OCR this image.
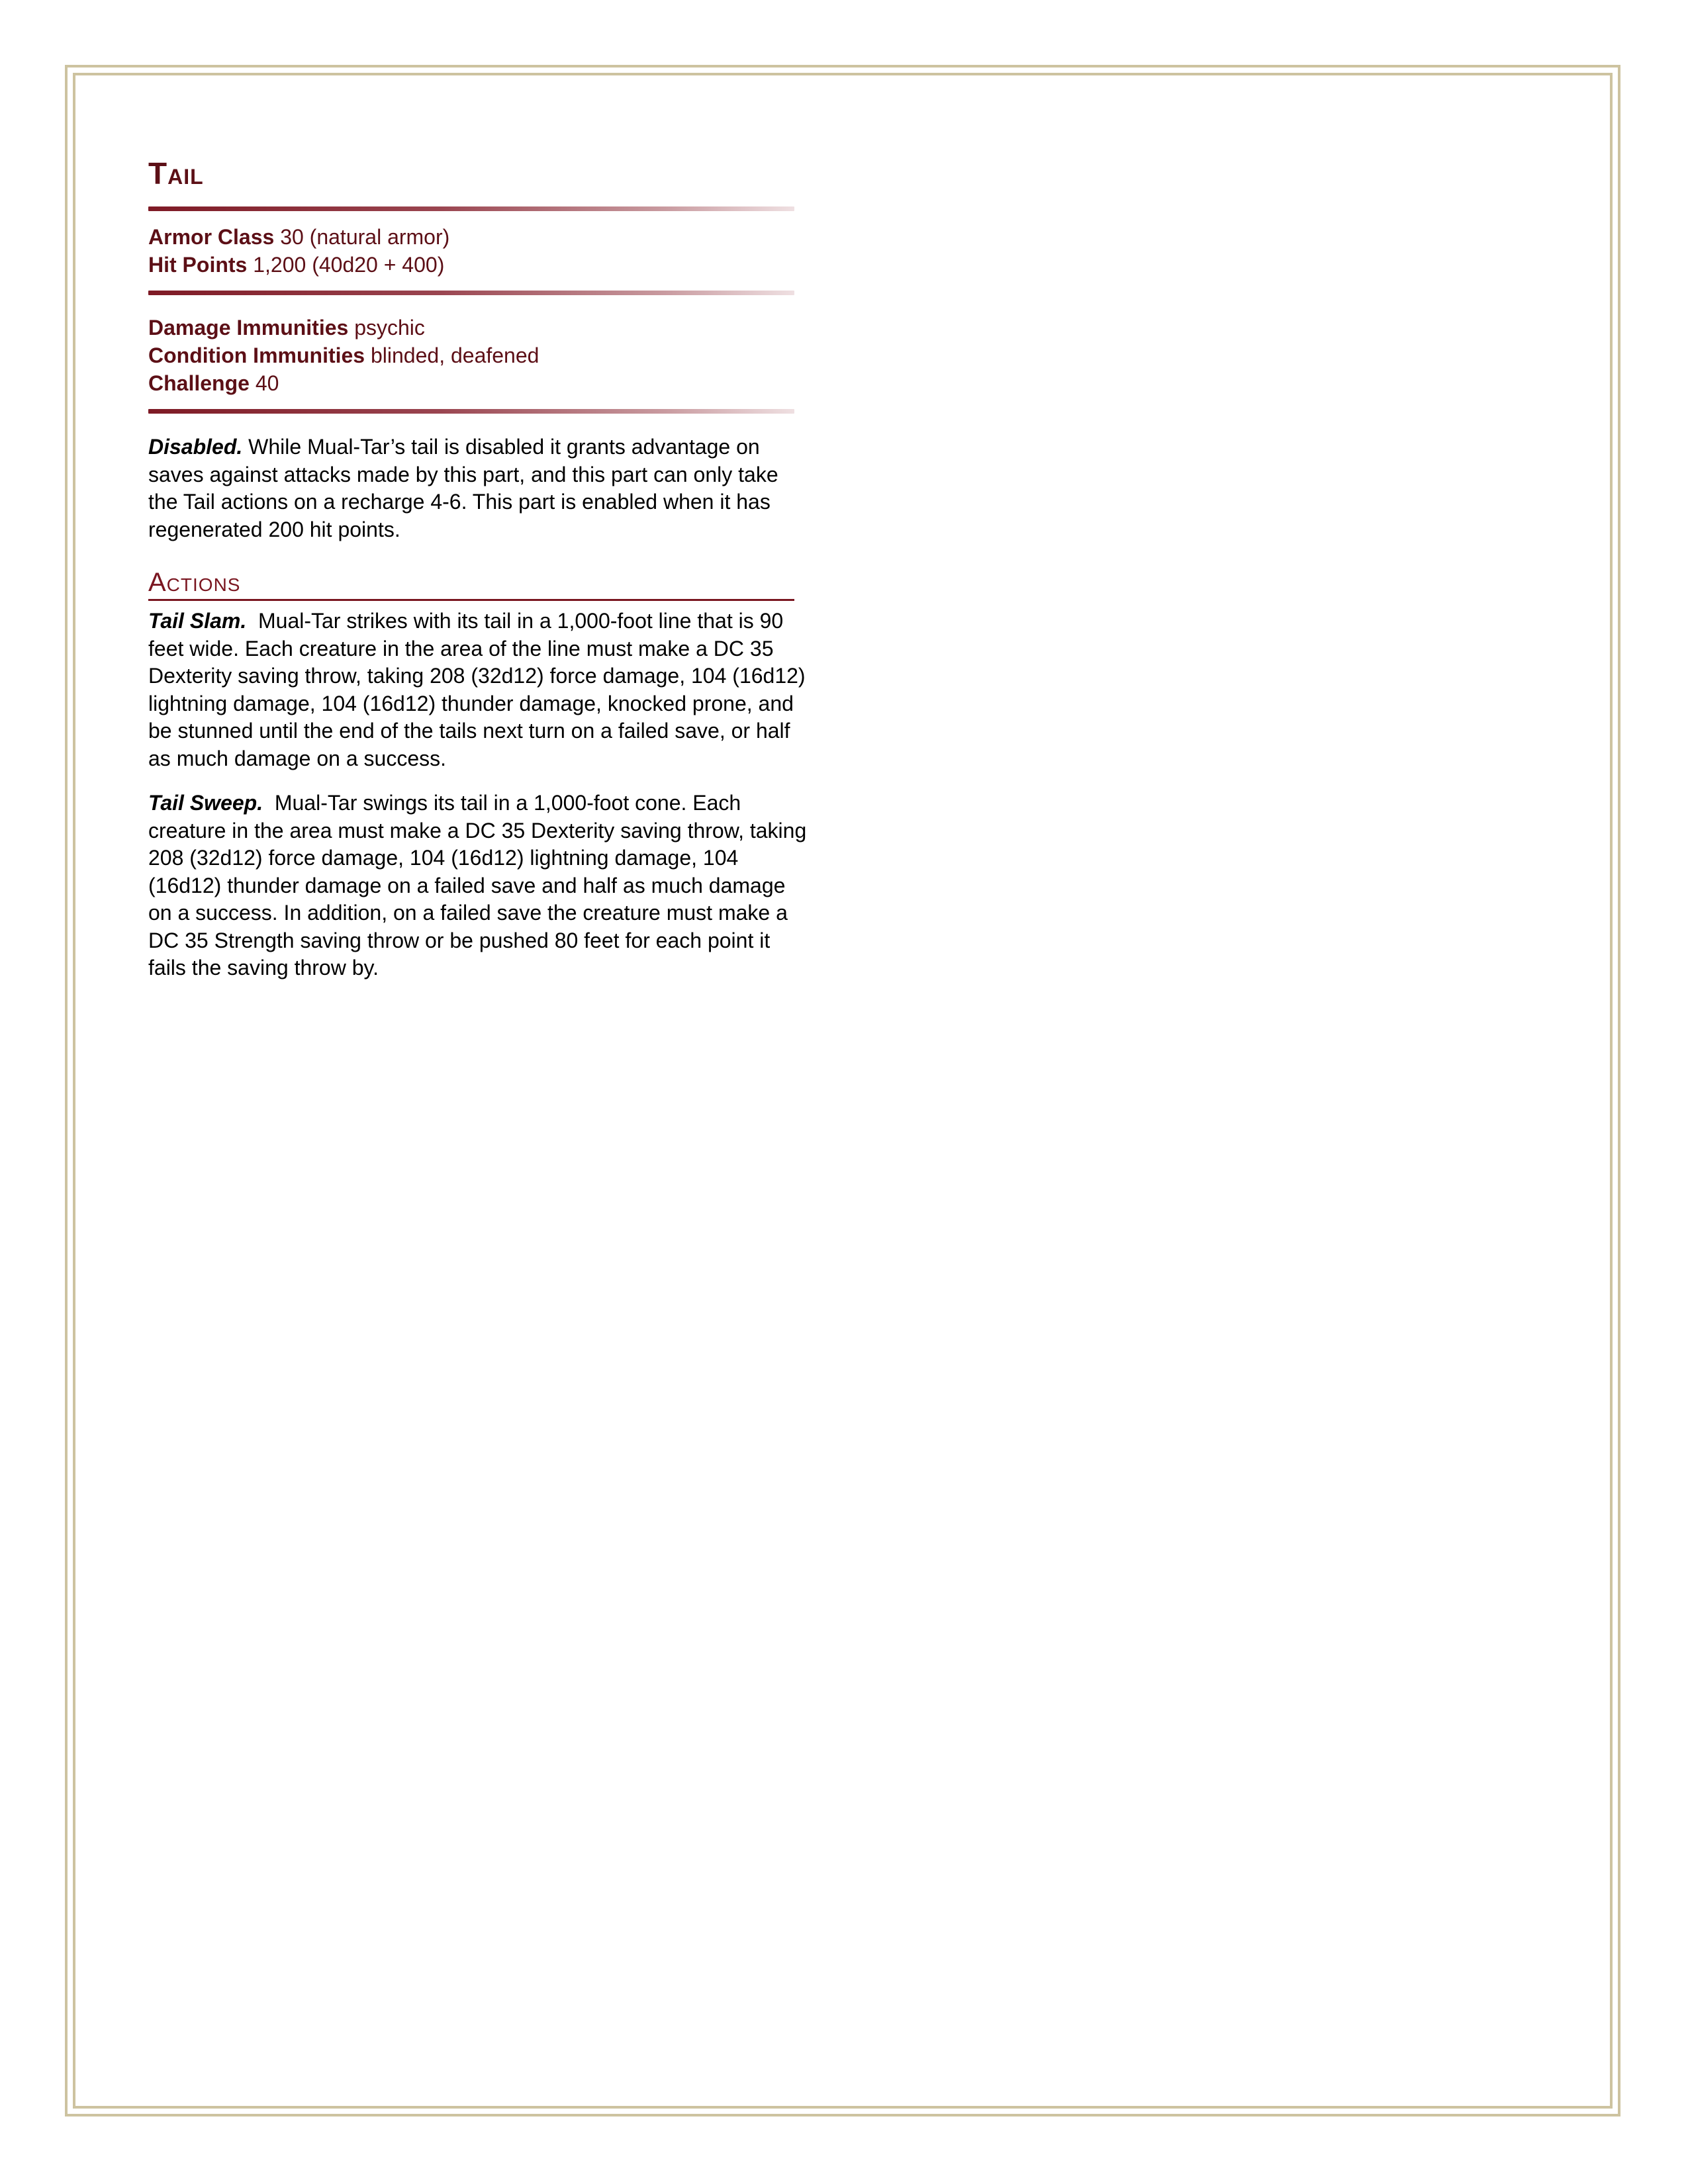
Tail
Armor Class 30 (natural armor)
Hit Points 1,200 (40d20 + 400)
Damage Immunities psychic
Condition Immunities blinded, deafened
Challenge 40

Disabled. While Mual-Tar’s tail is disabled it grants advantage on saves against attacks made by this part, and this part can only take the Tail actions on a recharge 4-6. This part is enabled when it has regenerated 200 hit points.

Actions

Tail Slam. Mual-Tar strikes with its tail in a 1,000-foot line that is 90 feet wide. Each creature in the area of the line must make a DC 35 Dexterity saving throw, taking 208 (32d12) force damage, 104 (16d12) lightning damage, 104 (16d12) thunder damage, knocked prone, and be stunned until the end of the tails next turn on a failed save, or half as much damage on a success.

Tail Sweep. Mual-Tar swings its tail in a 1,000-foot cone. Each creature in the area must make a DC 35 Dexterity saving throw, taking 208 (32d12) force damage, 104 (16d12) lightning damage, 104 (16d12) thunder damage on a failed save and half as much damage on a success. In addition, on a failed save the creature must make a DC 35 Strength saving throw or be pushed 80 feet for each point it fails the saving throw by.
